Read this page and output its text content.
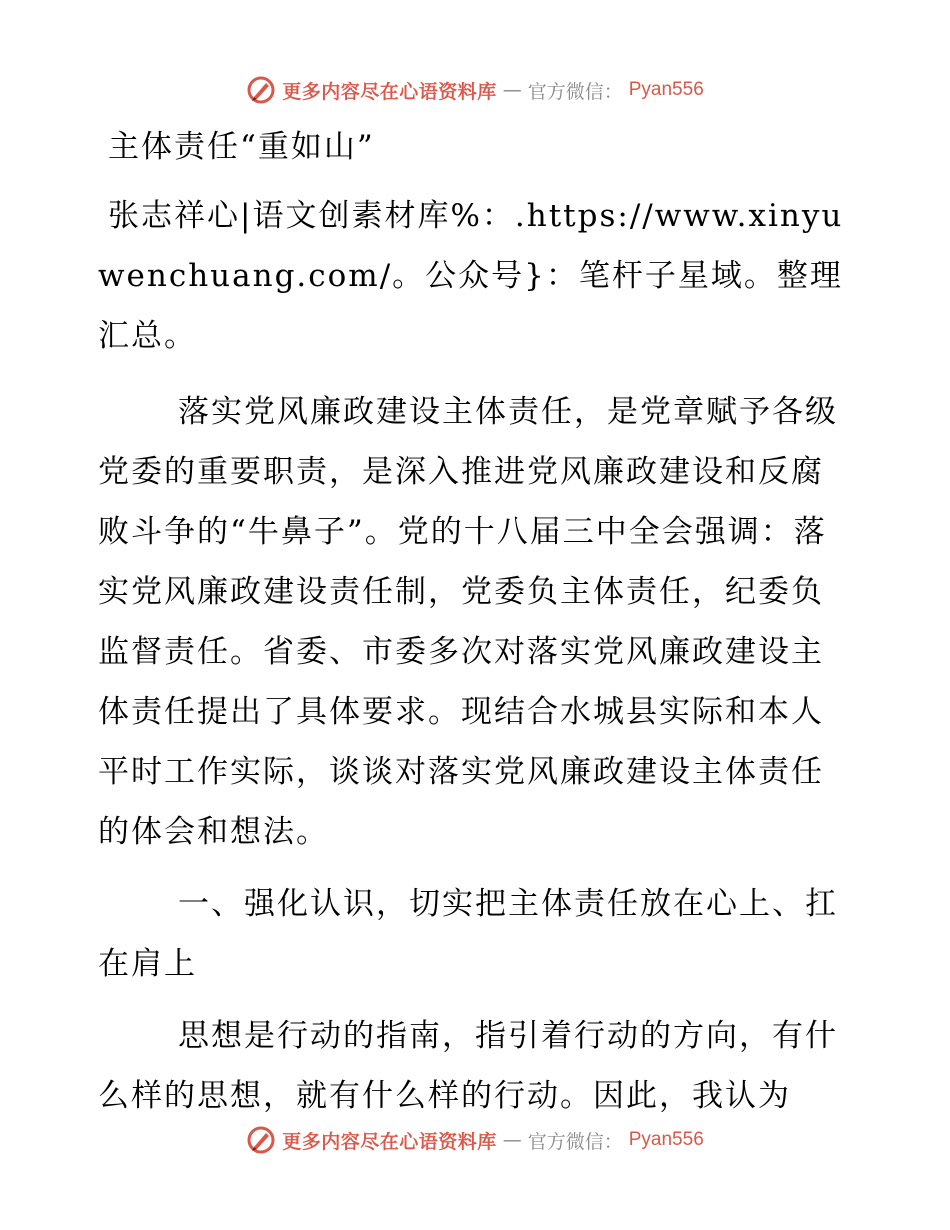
更多内容尽在心语资料库 — 官方微信： Pyan556

主体责任“重如山”

张志祥心|语文创素材库%：.https://www.xinyuwenchuang.com/。公众号}：笔杆子星域。整理汇总。

落实党风廉政建设主体责任，是党章赋予各级党委的重要职责，是深入推进党风廉政建设和反腐败斗争的“牛鼻子”。党的十八届三中全会强调：落实党风廉政建设责任制，党委负主体责任，纪委负监督责任。省委、市委多次对落实党风廉政建设主体责任提出了具体要求。现结合水城县实际和本人平时工作实际，谈谈对落实党风廉政建设主体责任的体会和想法。

一、强化认识，切实把主体责任放在心上、扛在肩上

思想是行动的指南，指引着行动的方向，有什么样的思想，就有什么样的行动。因此，我认为

更多内容尽在心语资料库 — 官方微信： Pyan556
